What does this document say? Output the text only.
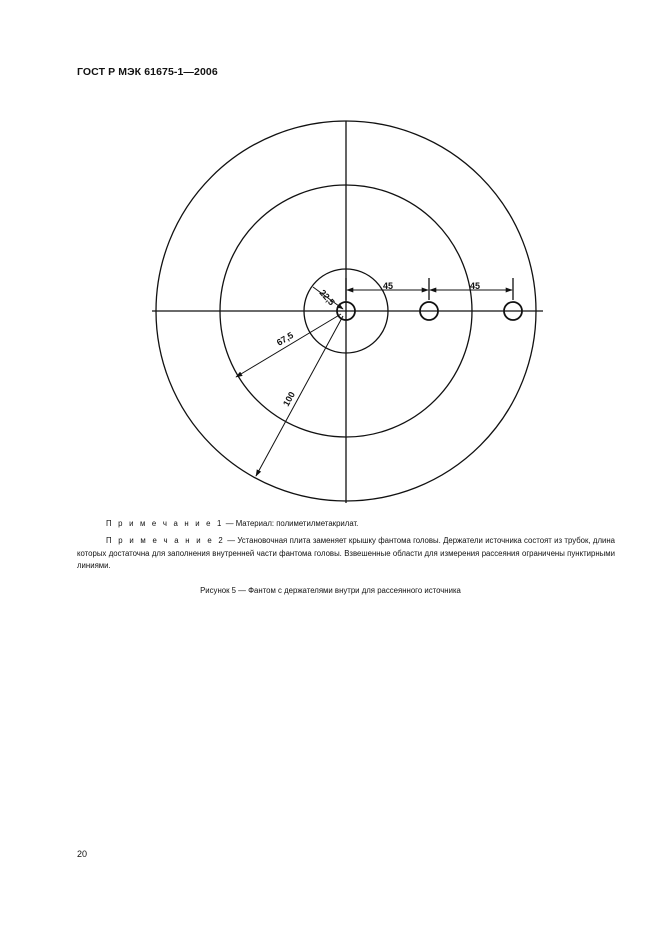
ГОСТ Р МЭК 61675-1—2006
22,5
67,5
100
45	45
П р и м е ч а н и е 1 — Материал: полиметилметакрилат.
П р и м е ч а н и е 2 — Установочная плита заменяет крышку фантома головы. Держатели источника состоят из трубок, длина которых достаточна для заполнения внутренней части фантома головы. Взвешенные области для измерения рассеяния ограничены пунктирными линиями.
Рисунок 5 — Фантом с держателями внутри для рассеянного источника
20
